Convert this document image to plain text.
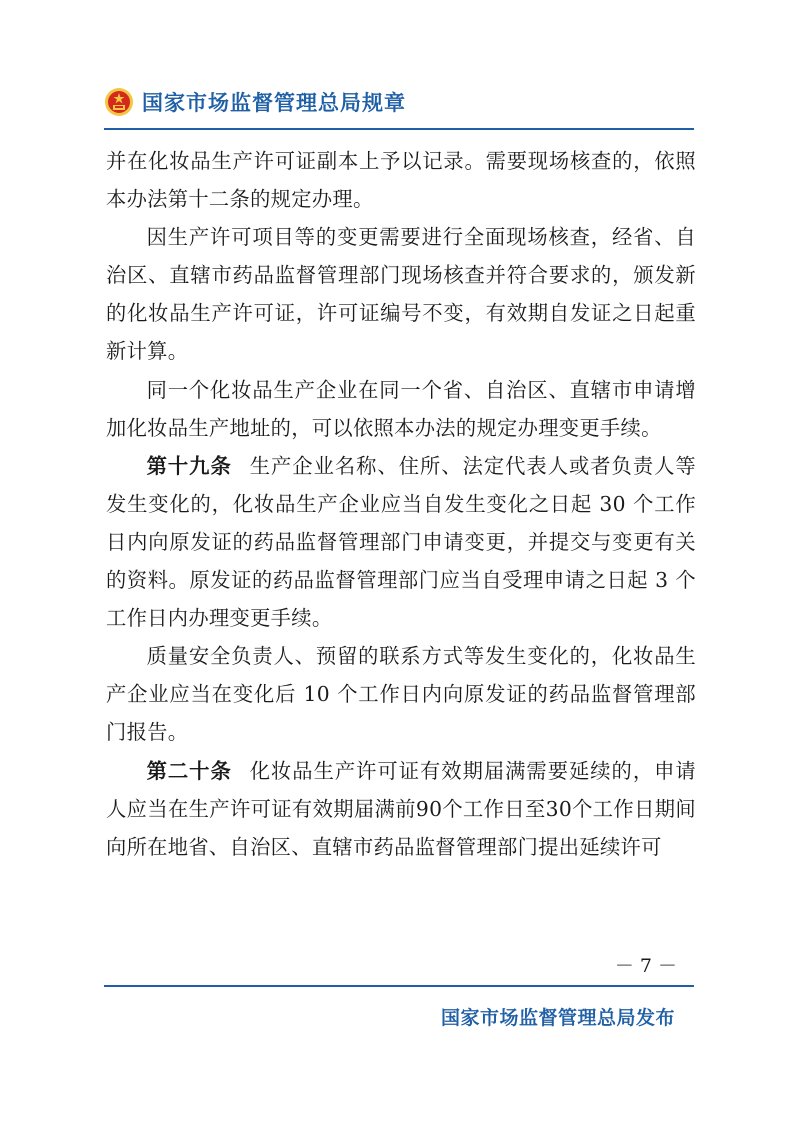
国家市场监督管理总局规章

并在化妆品生产许可证副本上予以记录。需要现场核查的，依照本办法第十二条的规定办理。

因生产许可项目等的变更需要进行全面现场核查，经省、自治区、直辖市药品监督管理部门现场核查并符合要求的，颁发新的化妆品生产许可证，许可证编号不变，有效期自发证之日起重新计算。

同一个化妆品生产企业在同一个省、自治区、直辖市申请增加化妆品生产地址的，可以依照本办法的规定办理变更手续。

第十九条 生产企业名称、住所、法定代表人或者负责人等发生变化的，化妆品生产企业应当自发生变化之日起 30 个工作日内向原发证的药品监督管理部门申请变更，并提交与变更有关的资料。原发证的药品监督管理部门应当自受理申请之日起 3 个工作日内办理变更手续。

质量安全负责人、预留的联系方式等发生变化的，化妆品生产企业应当在变化后 10 个工作日内向原发证的药品监督管理部门报告。

第二十条 化妆品生产许可证有效期届满需要延续的，申请人应当在生产许可证有效期届满前90个工作日至30个工作日期间向所在地省、自治区、直辖市药品监督管理部门提出延续许可

－ 7 －
国家市场监督管理总局发布
